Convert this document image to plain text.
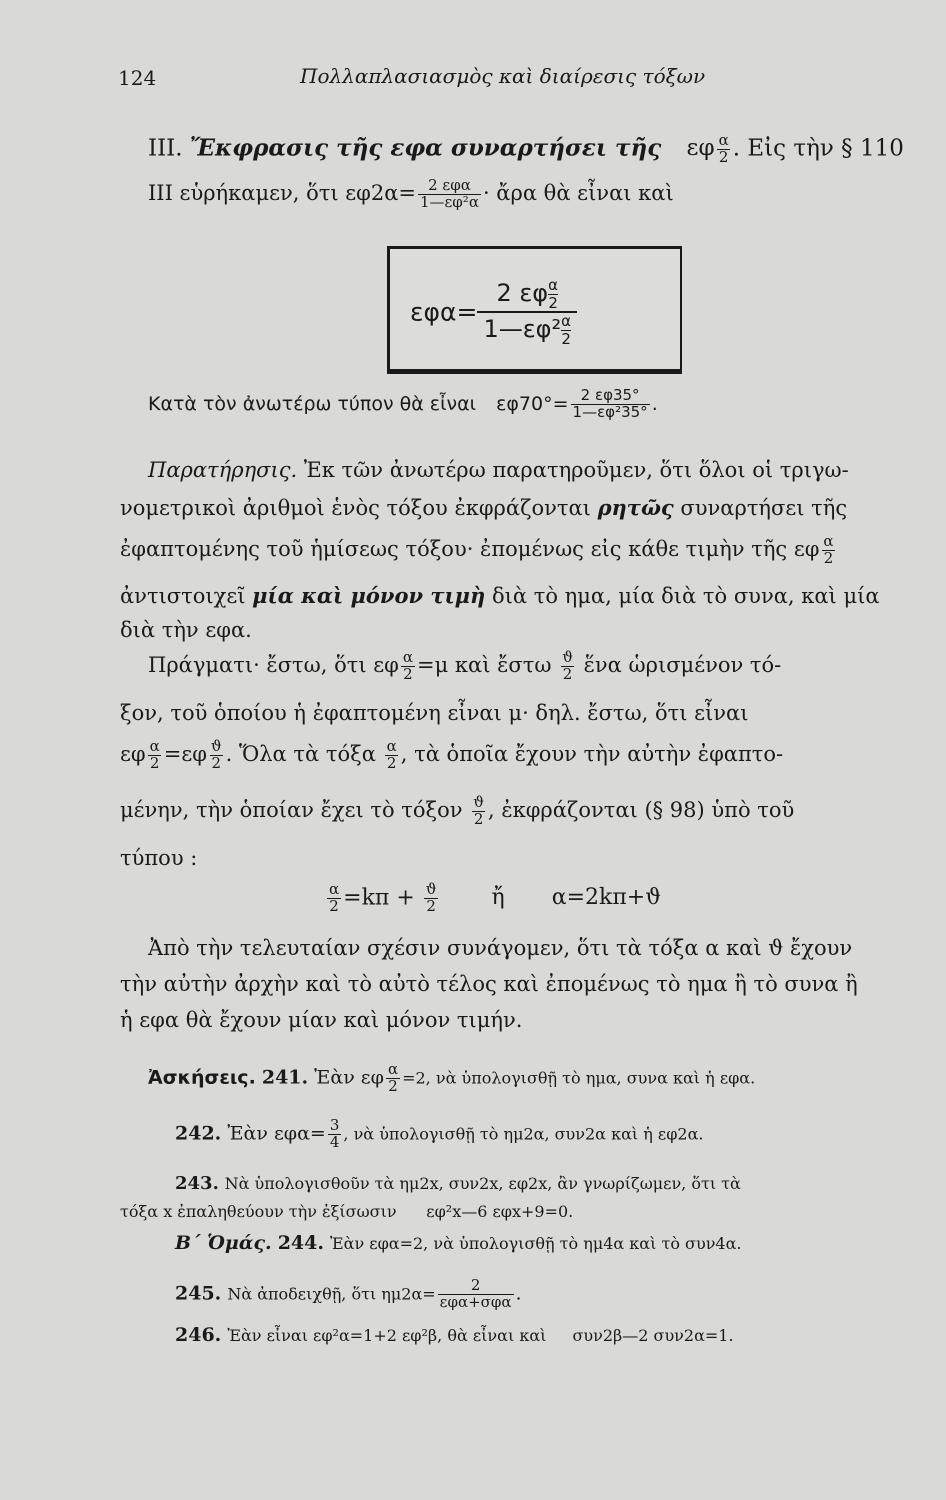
124	Πολλαπλασιασμὸς καὶ διαίρεσις τόξων
III. Ἔκφρασις τῆς εφα συναρτήσει τῆς εφ $\frac{\alpha}{2}$ . Εἰς τὴν § 110
III εὑρήκαμεν, ὅτι $\varepsilon\varphi 2\alpha= \frac{\text{2 εφα}}{\text{1—εφ²α}}$ · ἄρα θὰ εἶναι καὶ
$\varepsilon\varphi\alpha= \frac{2 \varepsilon\varphi \frac{\alpha}{2}}{1—\varepsilon\varphi^2 \frac{\alpha}{2}}$
Κατὰ τὸν ἀνωτέρω τύπον θὰ εἶναι $\varepsilon\varphi 70^\circ= \frac{2 \varepsilon\varphi 35^\circ}{\text{1—εφ²35°}}$ .
Παρατήρησις. Ἐκ τῶν ἀνωτέρω παρατηροῦμεν, ὅτι ὅλοι οἱ τριγω-
νομετρικοὶ ἀριθμοὶ ἑνὸς τόξου ἐκφράζονται ρητῶς συναρτήσει τῆς
ἐφαπτομένης τοῦ ἡμίσεως τόξου· ἐπομένως εἰς κάθε τιμὴν τῆς εφ $\frac{\alpha}{2}$
ἀντιστοιχεῖ μία καὶ μόνον τιμὴ διὰ τὸ ημα, μία διὰ τὸ συνα, καὶ μία
διὰ τὴν εφα.
Πράγματι· ἔστω, ὅτι εφ $\frac{\alpha}{2} =\mu$ καὶ ἔστω $\frac{ϑ}{2}$ ἕνα ὡρισμένον τό-
ξον, τοῦ ὁποίου ἡ ἐφαπτομένη εἶναι μ· δηλ. ἔστω, ὅτι εἶναι
εφ $\frac{\alpha}{2} =\varepsilon\varphi \frac{ϑ}{2}$ . Ὅλα τὰ τόξα $\frac{\alpha}{2}$ , τὰ ὁποῖα ἔχουν τὴν αὐτὴν ἐφαπτο-
μένην, τὴν ὁποίαν ἔχει τὸ τόξον $\frac{ϑ}{2}$ , ἐκφράζονται (§ 98) ὑπὸ τοῦ
τύπου :
$\frac{\alpha}{2} =k\pi + \frac{ϑ}{2}$ ἤ α=2kπ+ϑ
Ἀπὸ τὴν τελευταίαν σχέσιν συνάγομεν, ὅτι τὰ τόξα α καὶ ϑ ἔχουν
τὴν αὐτὴν ἀρχὴν καὶ τὸ αὐτὸ τέλος καὶ ἐπομένως τὸ ημα ἢ τὸ συνα ἢ
ἡ εφα θὰ ἔχουν μίαν καὶ μόνον τιμήν.
Ἀσκήσεις. 241. Ἐὰν εφ $\frac{\alpha}{2} =2$, νὰ ὑπολογισθῇ τὸ ημα, συνα καὶ ἡ εφα.
242. Ἐὰν $\varepsilon\varphi\alpha= \frac{3}{4}$ , νὰ ὑπολογισθῇ τὸ ημ2α, συν2α καὶ ἡ εφ2α.
243. Νὰ ὑπολογισθοῦν τὰ ημ2x, συν2x, εφ2x, ἂν γνωρίζωμεν, ὅτι τὰ
τόξα x ἐπαληθεύουν τὴν ἐξίσωσιν εφ²x—6 εφx+9=0.
Β΄ Ὁμάς. 244. Ἐὰν εφα=2, νὰ ὑπολογισθῇ τὸ ημ4α καὶ τὸ συν4α.
245. Νὰ ἀποδειχθῇ, ὅτι $\eta\mu 2\alpha= \frac{2}{\text{εφα+σφα}}$ .
246. Ἐὰν εἶναι εφ²α=1+2 εφ²β, θὰ εἶναι καὶ συν2β—2 συν2α=1.
